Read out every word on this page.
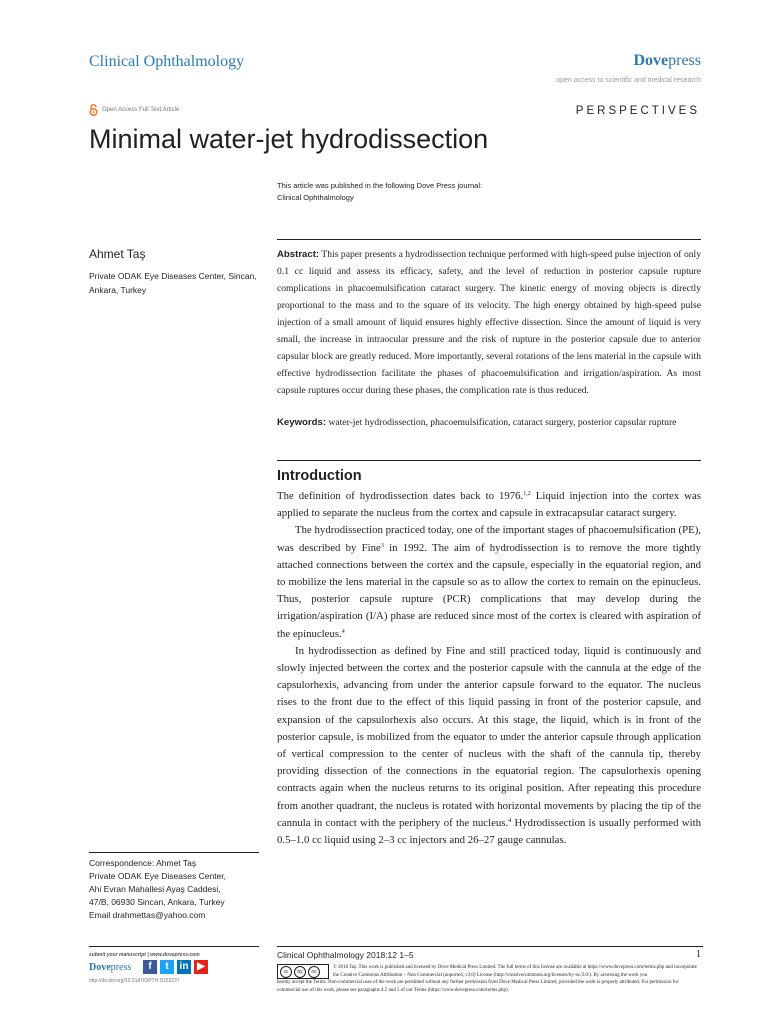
Clinical Ophthalmology	Dovepress
open access to scientific and medical research
Open Access Full Text Article	PERSPECTIVES
Minimal water-jet hydrodissection
This article was published in the following Dove Press journal:
Clinical Ophthalmology
Ahmet Taş
Private ODAK Eye Diseases Center, Sincan, Ankara, Turkey
Abstract: This paper presents a hydrodissection technique performed with high-speed pulse injection of only 0.1 cc liquid and assess its efficacy, safety, and the level of reduction in posterior capsule rupture complications in phacoemulsification cataract surgery. The kinetic energy of moving objects is directly proportional to the mass and to the square of its velocity. The high energy obtained by high-speed pulse injection of a small amount of liquid ensures highly effective dissection. Since the amount of liquid is very small, the increase in intraocular pressure and the risk of rupture in the posterior capsule due to anterior capsular block are greatly reduced. More importantly, several rotations of the lens material in the capsule with effective hydrodissection facilitate the phases of phacoemulsification and irrigation/aspiration. As most capsule ruptures occur during these phases, the complication rate is thus reduced.
Keywords: water-jet hydrodissection, phacoemulsification, cataract surgery, posterior capsular rupture
Introduction

The definition of hydrodissection dates back to 1976.$^{1,2}$ Liquid injection into the cortex was applied to separate the nucleus from the cortex and capsule in extracapsular cataract surgery.

The hydrodissection practiced today, one of the important stages of phacoemulsification (PE), was described by Fine$^3$ in 1992. The aim of hydrodissection is to remove the more tightly attached connections between the cortex and the capsule, especially in the equatorial region, and to mobilize the lens material in the capsule so as to allow the cortex to remain on the epinucleus. Thus, posterior capsule rupture (PCR) complications that may develop during the irrigation/aspiration (I/A) phase are reduced since most of the cortex is cleared with aspiration of the epinucleus.$^4$

In hydrodissection as defined by Fine and still practiced today, liquid is continuously and slowly injected between the cortex and the posterior capsule with the cannula at the edge of the capsulorhexis, advancing from under the anterior capsule forward to the equator. The nucleus rises to the front due to the effect of this liquid passing in front of the posterior capsule, and expansion of the capsulorhexis also occurs. At this stage, the liquid, which is in front of the posterior capsule, is mobilized from the equator to under the anterior capsule through application of vertical compression to the center of nucleus with the shaft of the cannula tip, thereby providing dissection of the connections in the equatorial region. The capsulorhexis opening contracts again when the nucleus returns to its original position. After repeating this procedure from another quadrant, the nucleus is rotated with horizontal movements by placing the tip of the cannula in contact with the periphery of the nucleus.$^4$ Hydrodissection is usually performed with 0.5–1.0 cc liquid using 2–3 cc injectors and 26–27 gauge cannulas.

Correspondence: Ahmet Taş
Private ODAK Eye Diseases Center,
Ahi Evran Mahallesi Ayaş Caddesi,
47/B, 06930 Sincan, Ankara, Turkey
Email drahmettas@yahoo.com
submit your manuscript | www.dovepress.com
Dovepress	f	t	in ▶
http://dx.doi.org/10.2147/OPTH.S152237
Clinical Ophthalmology 2018:12 1–5	1
cc	by	nc
© 2018 Taş. This work is published and licensed by Dove Medical Press Limited. The full terms of this license are available at https://www.dovepress.com/terms.php and incorporate the Creative Commons Attribution – Non Commercial (unported, v3.0) License (http://creativecommons.org/licenses/by-nc/3.0/). By accessing the work you
hereby accept the Terms. Non-commercial uses of the work are permitted without any further permission from Dove Medical Press Limited, provided the work is properly attributed. For permission for commercial use of this work, please see paragraphs 4.2 and 5 of our Terms (https://www.dovepress.com/terms.php).
